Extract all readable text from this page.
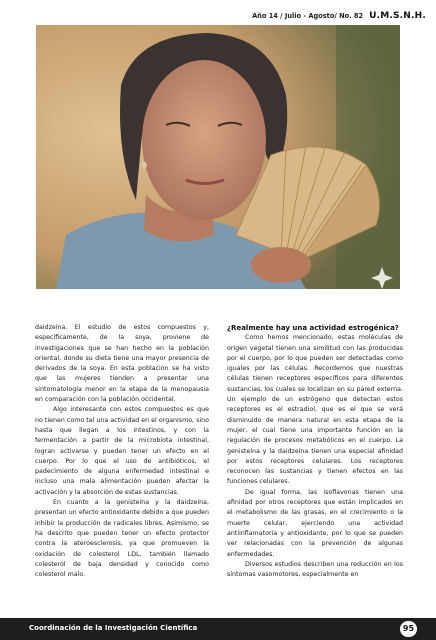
Año 14 / Julio - Agosto/ No. 82 U.M.S.N.H.

daidzeína. El estudio de estos compuestos y, específicamente, de la soya, proviene de investigaciones que se han hecho en la población oriental, donde su dieta tiene una mayor presencia de derivados de la soya. En esta población se ha visto que las mujeres tienden a presentar una sintomatología menor en la etapa de la menopausia en comparación con la población occidental.

Algo interesante con estos compuestos es que no tienen como tal una actividad en el organismo, sino hasta que llegan a los intestinos, y con la fermentación a partir de la microbiota intestinal, logran activarse y pueden tener un efecto en el cuerpo. Por lo que el uso de antibióticos, el padecimiento de alguna enfermedad intestinal e incluso una mala alimentación pueden afectar la activación y la absorción de estas sustancias.

En cuanto a la genisteína y la daidzeína, presentan un efecto antioxidante debido a que pueden inhibir la producción de radicales libres. Asimismo, se ha descrito que pueden tener un efecto protector contra la ateroesclerosis, ya que promueven la oxidación de colesterol LDL, también llamado colesterol de baja densidad y conocido como colesterol malo.

¿Realmente hay una actividad estrogénica?

Como hemos mencionado, estas moléculas de origen vegetal tienen una similitud con las producidas por el cuerpo, por lo que pueden ser detectadas como iguales por las células. Recordemos que nuestras células tienen receptores específicos para diferentes sustancias, los cuales se localizan en su pared externa. Un ejemplo de un estrógeno que detectan estos receptores es el estradiol, que es el que se verá disminuido de manera natural en esta etapa de la mujer, el cual tiene una importante función en la regulación de procesos metabólicos en el cuerpo. La genisteína y la daidzeína tienen una especial afinidad por estos receptores celulares. Los receptores reconocen las sustancias y tienen efectos en las funciones celulares.

De igual forma, las isoflavonas tienen una afinidad por otros receptores que están implicados en el metabolismo de las grasas, en el crecimiento o la muerte celular, ejerciendo una actividad antiinflamatoria y antioxidante, por lo que se pueden ver relacionadas con la prevención de algunas enfermedades.

Diversos estudios describen una reducción en los síntomas vasomotores, especialmente en

Coordinación de la Investigación Científica	95
